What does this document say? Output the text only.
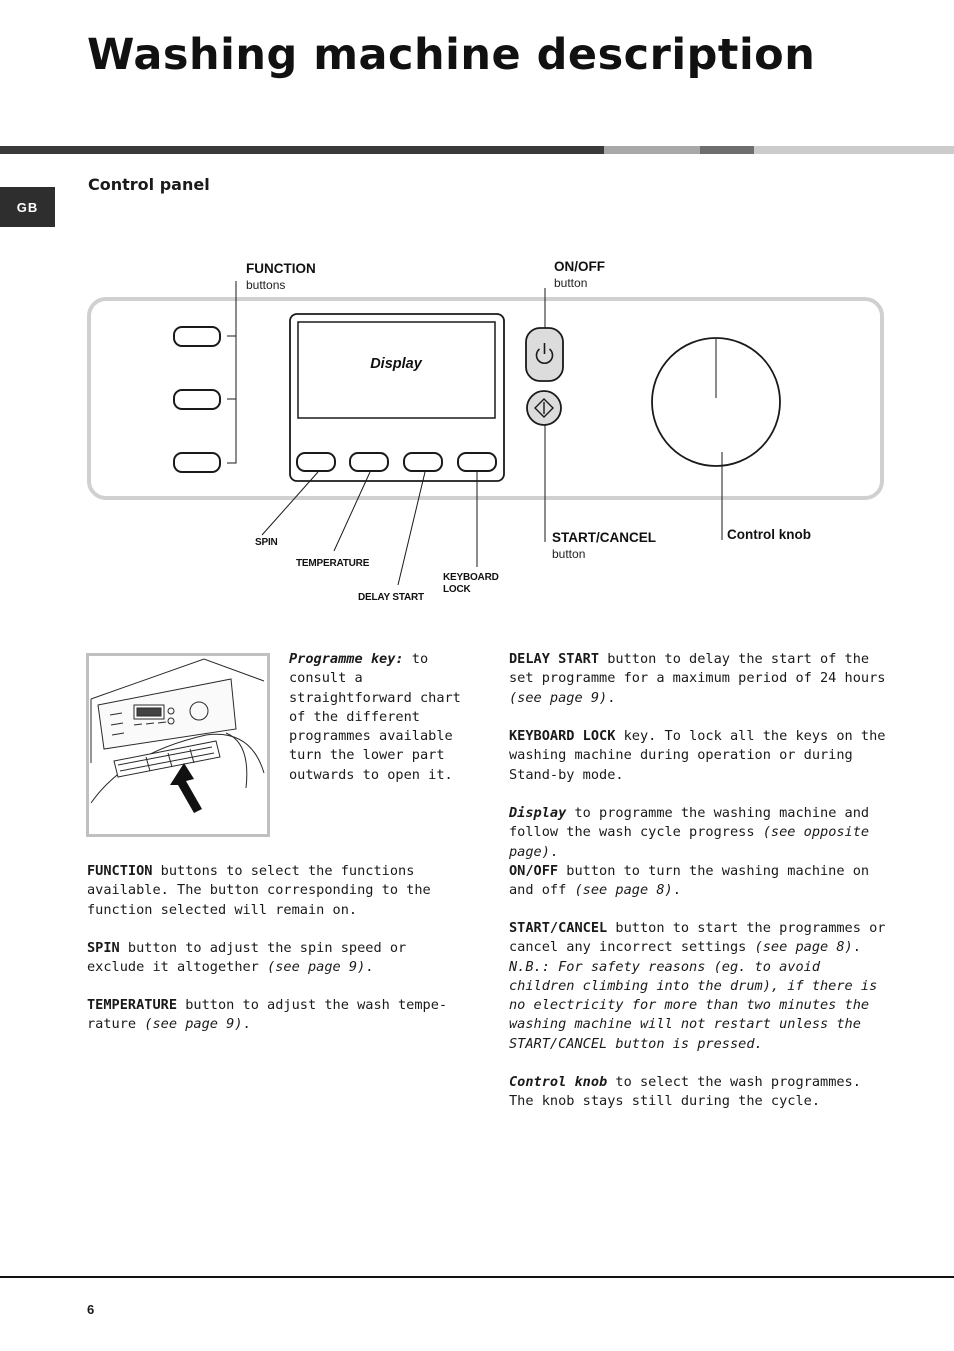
Washing machine description
GB
Control panel
FUNCTION
buttons
ON/OFF
button
START/CANCEL
button
Control knob
SPIN
TEMPERATURE
DELAY START
KEYBOARD
LOCK
Display

Programme key: to
consult a
straightforward chart
of the different
programmes available
turn the lower part
outwards to open it.

FUNCTION buttons to select the functions available. The button corresponding to the function selected will remain on.

SPIN button to adjust the spin speed or exclude it altogether (see page 9).

TEMPERATURE button to adjust the wash tempe-rature (see page 9).

DELAY START button to delay the start of the set programme for a maximum period of 24 hours (see page 9).

KEYBOARD LOCK key. To lock all the keys on the washing machine during operation or during Stand-by mode.

Display to programme the washing machine and follow the wash cycle progress (see opposite page).

ON/OFF button to turn the washing machine on and off (see page 8).

START/CANCEL button to start the programmes or cancel any incorrect settings (see page 8). N.B.: For safety reasons (eg. to avoid children climbing into the drum), if there is no electricity for more than two minutes the washing machine will not restart unless the START/CANCEL button is pressed.

Control knob to select the wash programmes. The knob stays still during the cycle.

6
